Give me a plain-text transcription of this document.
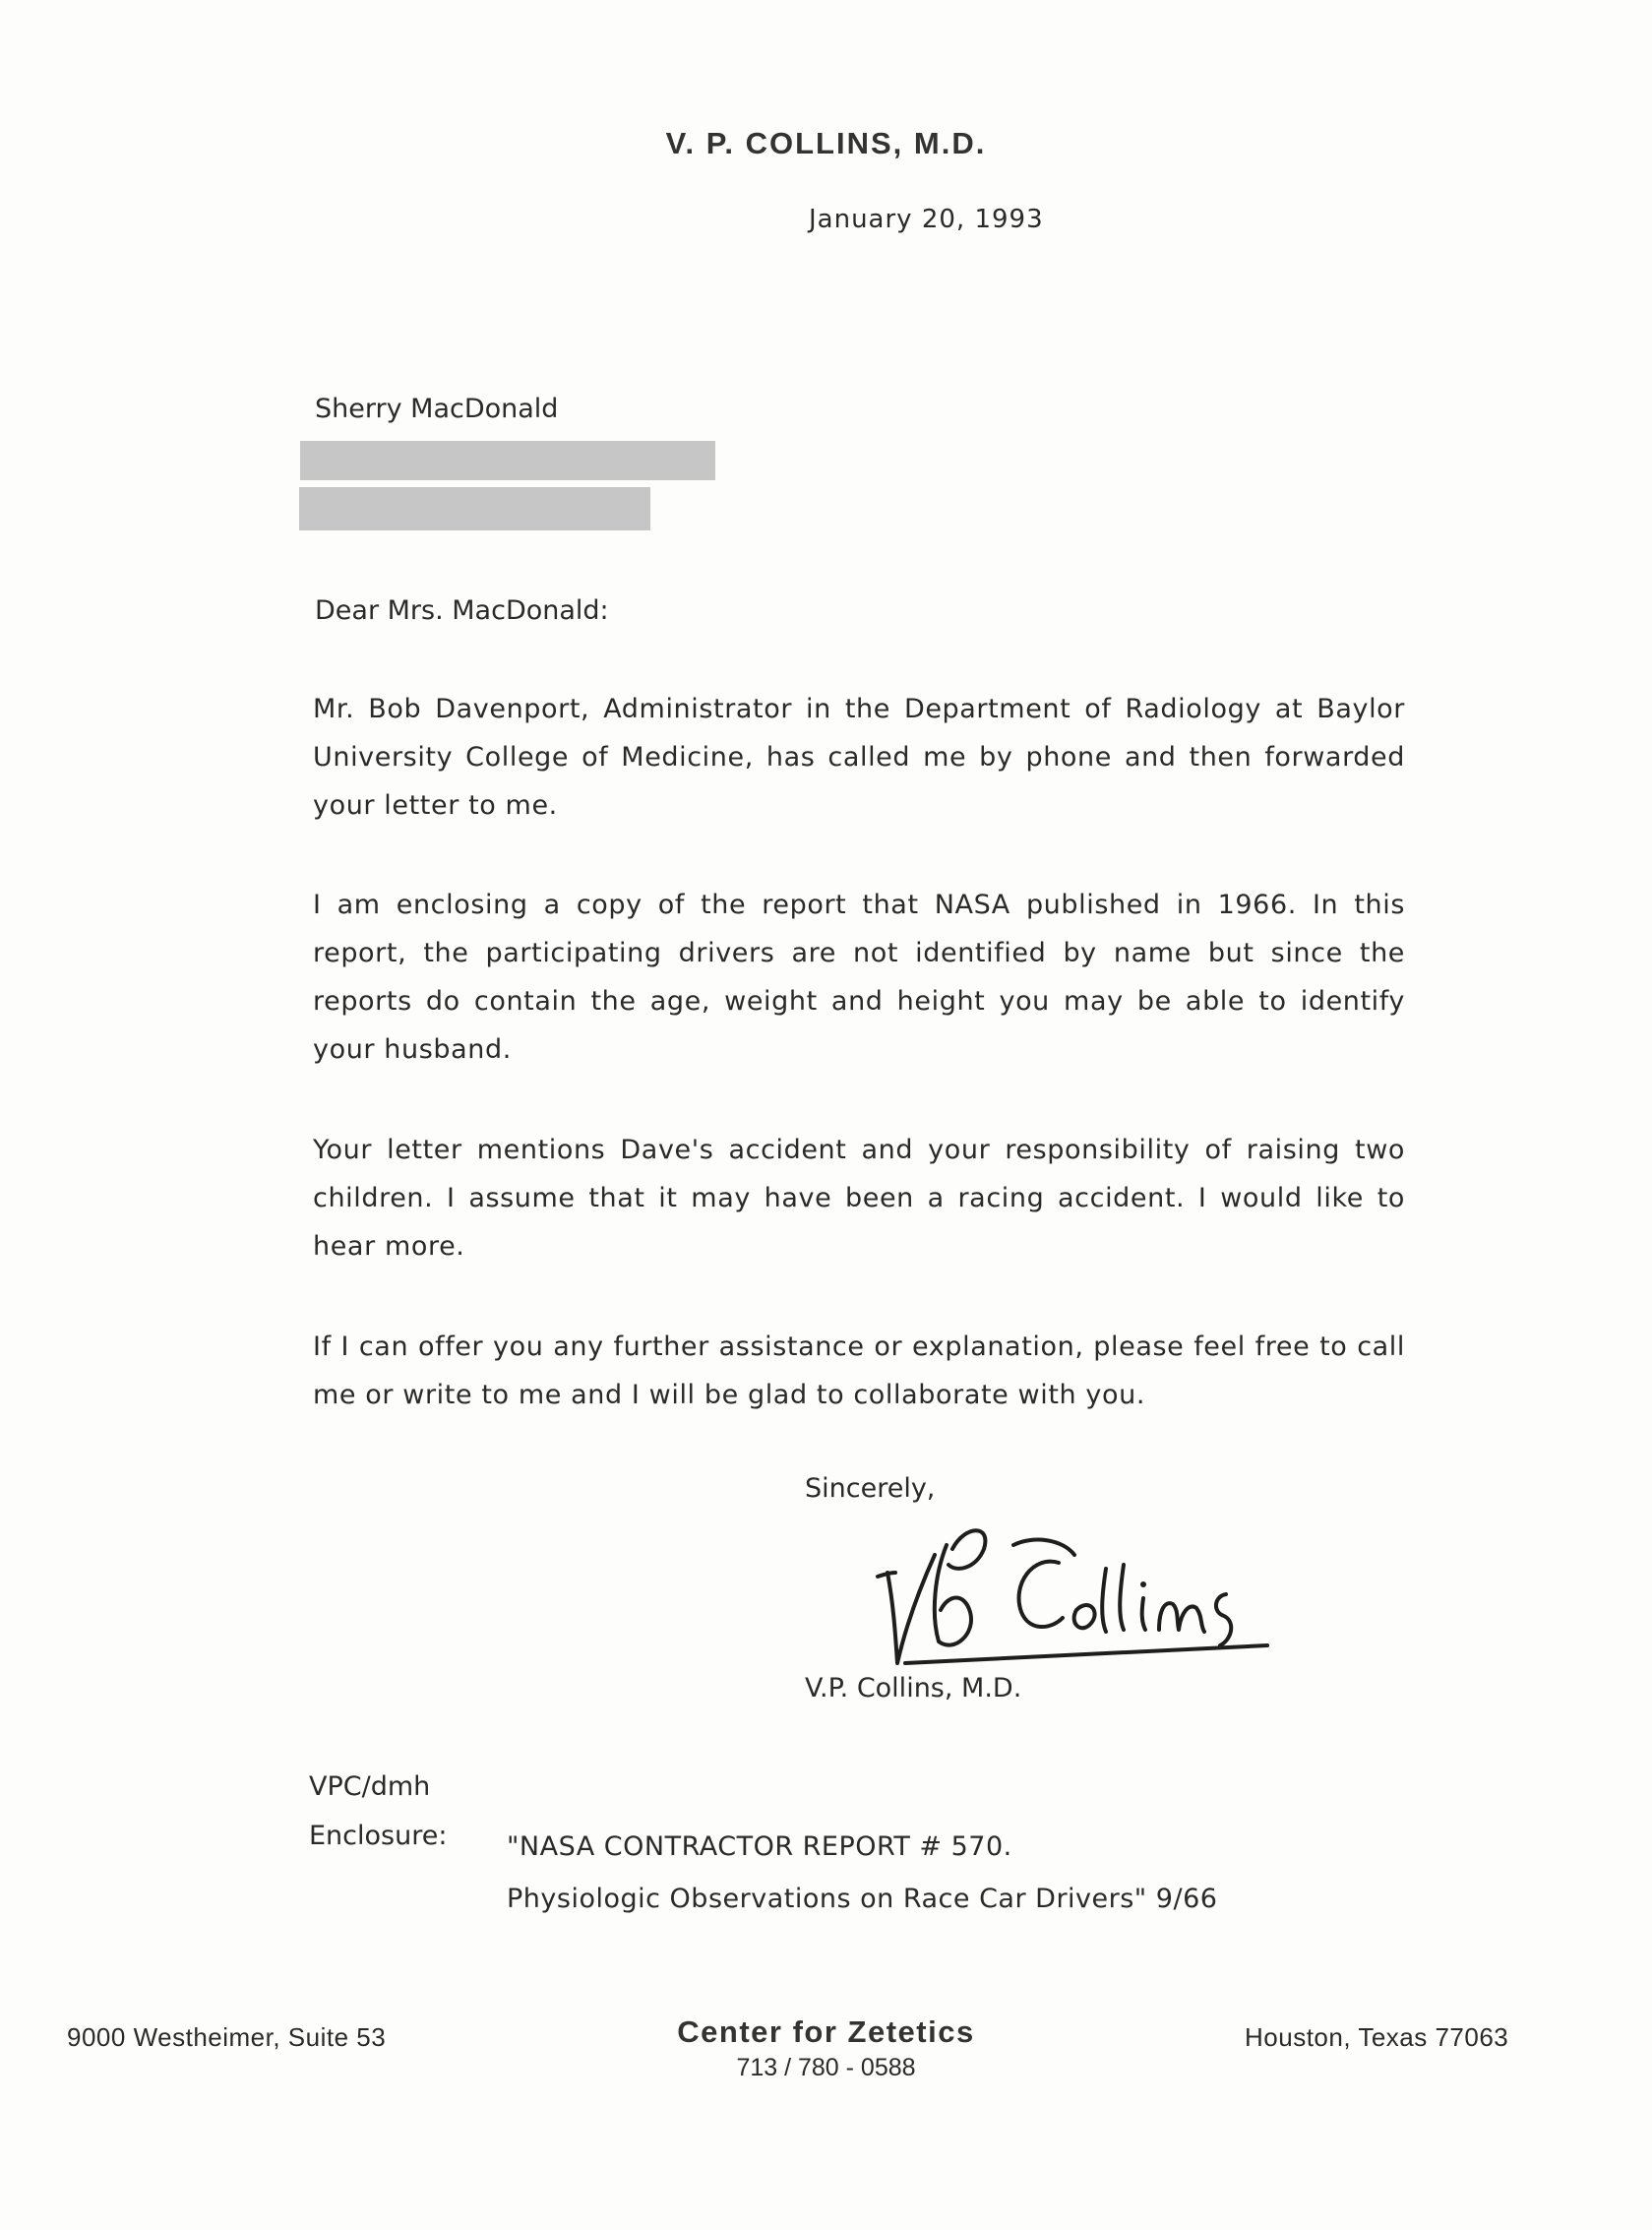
V. P. COLLINS, M.D.
January 20, 1993
Sherry MacDonald
Dear Mrs. MacDonald:
Mr. Bob Davenport, Administrator in the Department of Radiology at Baylor University College of Medicine, has called me by phone and then forwarded your letter to me.
I am enclosing a copy of the report that NASA published in 1966. In this report, the participating drivers are not identified by name but since the reports do contain the age, weight and height you may be able to identify your husband.
Your letter mentions Dave's accident and your responsibility of raising two children. I assume that it may have been a racing accident. I would like to hear more.
If I can offer you any further assistance or explanation, please feel free to call me or write to me and I will be glad to collaborate with you.
Sincerely,
V.P. Collins, M.D.
VPC/dmh
Enclosure: "NASA CONTRACTOR REPORT # 570.
Physiologic Observations on Race Car Drivers" 9/66
9000 Westheimer, Suite 53	Center for Zetetics
713 / 780 - 0588
Houston, Texas 77063
